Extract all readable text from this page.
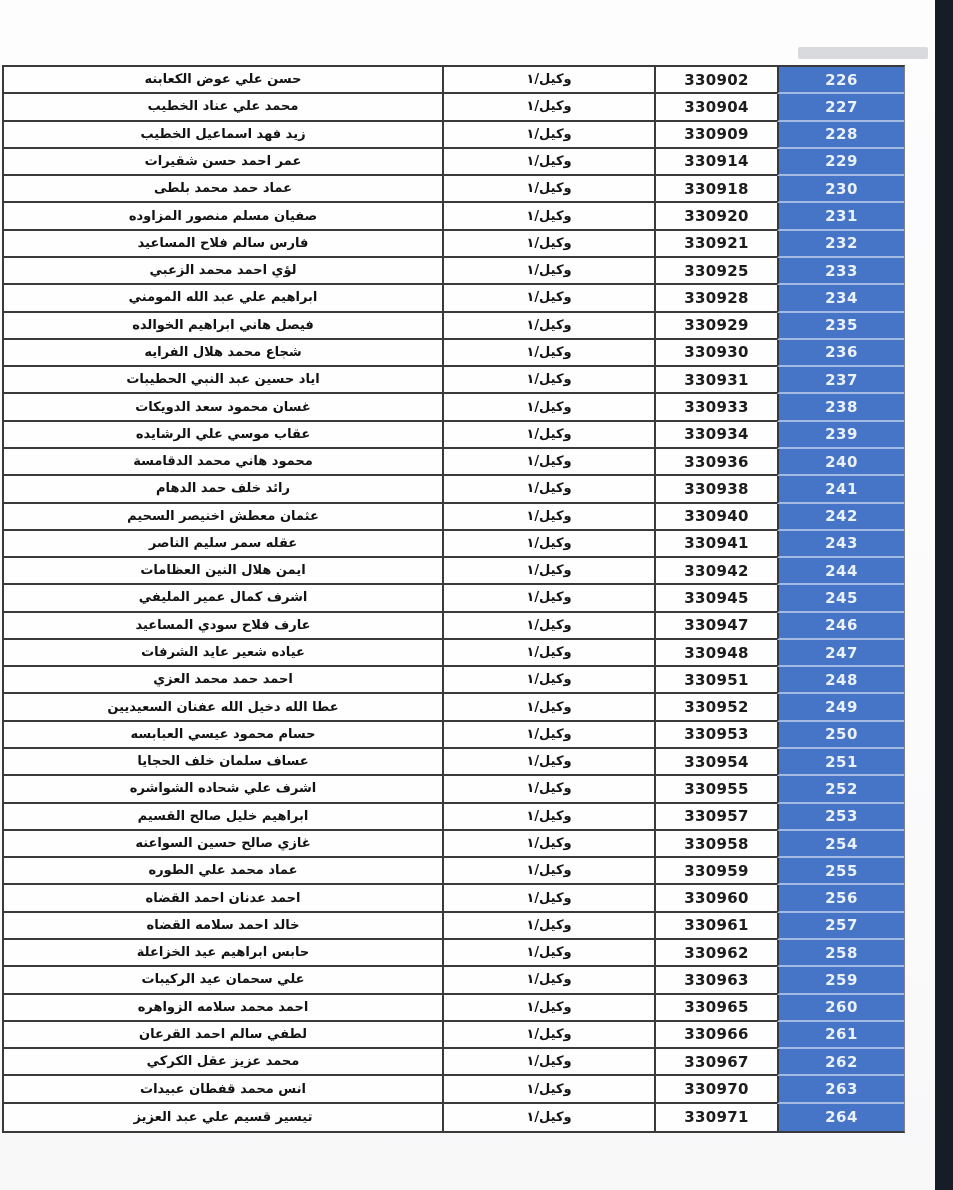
226
330902
وكيل/١
حسن علي عوض الكعابنه
227
330904
وكيل/١
محمد علي عناد الخطيب
228
330909
وكيل/١
زيد فهد اسماعيل الخطيب
229
330914
وكيل/١
عمر احمد حسن شقيرات
230
330918
وكيل/١
عماد حمد محمد بلطى
231
330920
وكيل/١
صفيان مسلم منصور المزاوده
232
330921
وكيل/١
فارس سالم فلاح المساعيد
233
330925
وكيل/١
لؤي احمد محمد الزعبي
234
330928
وكيل/١
ابراهيم علي عبد الله المومني
235
330929
وكيل/١
فيصل هاني ابراهيم الخوالده
236
330930
وكيل/١
شجاع محمد هلال الفرايه
237
330931
وكيل/١
اياد حسين عبد النبي الحطيبات
238
330933
وكيل/١
غسان محمود سعد الدويكات
239
330934
وكيل/١
عقاب موسي علي الرشايده
240
330936
وكيل/١
محمود هاني محمد الدقامسة
241
330938
وكيل/١
رائد خلف حمد الدهام
242
330940
وكيل/١
عثمان معطش اخنيصر السحيم
243
330941
وكيل/١
عقله سمر سليم الناصر
244
330942
وكيل/١
ايمن هلال النين العظامات
245
330945
وكيل/١
اشرف كمال عمير المليفي
246
330947
وكيل/١
عارف فلاح سودي المساعيد
247
330948
وكيل/١
عياده شعير عايد الشرفات
248
330951
وكيل/١
احمد حمد محمد العزي
249
330952
وكيل/١
عطا الله دخيل الله عفنان السعيديين
250
330953
وكيل/١
حسام محمود عيسي العبابسه
251
330954
وكيل/١
عساف سلمان خلف الحجايا
252
330955
وكيل/١
اشرف علي شحاده الشواشره
253
330957
وكيل/١
ابراهيم خليل صالح القسيم
254
330958
وكيل/١
غازي صالح حسين السواعنه
255
330959
وكيل/١
عماد محمد علي الطوره
256
330960
وكيل/١
احمد عدنان احمد القضاه
257
330961
وكيل/١
خالد احمد سلامه القضاه
258
330962
وكيل/١
حابس ابراهيم عيد الخزاعلة
259
330963
وكيل/١
علي سحمان عيد الركيبات
260
330965
وكيل/١
احمد محمد سلامه الزواهره
261
330966
وكيل/١
لطفي سالم احمد القرعان
262
330967
وكيل/١
محمد عزيز عقل الكركي
263
330970
وكيل/١
انس محمد قفطان عبيدات
264
330971
وكيل/١
تيسير قسيم علي عبد العزيز
